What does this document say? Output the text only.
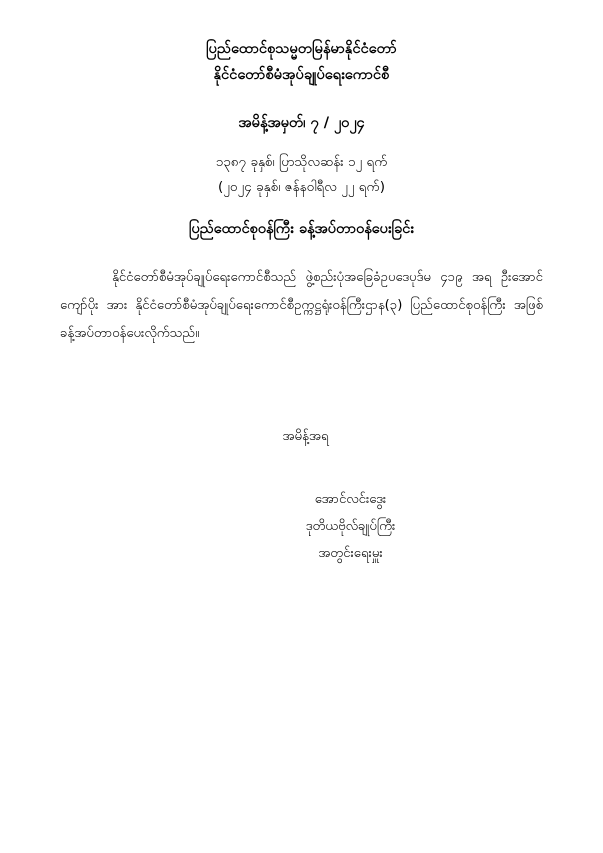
ပြည်ထောင်စုသမ္မတမြန်မာနိုင်ငံတော်
နိုင်ငံတော်စီမံအုပ်ချုပ်ရေးကောင်စီ
အမိန့်အမှတ်၊ ၇ / ၂၀၂၄
၁၃၈၇ ခုနှစ်၊ ပြာသိုလဆန်း ၁၂ ရက်
(၂၀၂၄ ခုနှစ်၊ ဇန်နဝါရီလ ၂၂ ရက်)
ပြည်ထောင်စုဝန်ကြီး ခန့်အပ်တာဝန်ပေးခြင်း

နိုင်ငံတော်စီမံအုပ်ချုပ်ရေးကောင်စီသည် ဖွဲ့စည်းပုံအခြေခံဥပဒေပုဒ်မ ၄၁၉ အရ ဦးအောင်ကျော်ပိုး အား နိုင်ငံတော်စီမံအုပ်ချုပ်ရေးကောင်စီဥက္ကဋ္ဌရုံးဝန်ကြီးဌာန(၃) ပြည်ထောင်စုဝန်ကြီး အဖြစ် ခန့်အပ်တာဝန်ပေးလိုက်သည်။

အမိန့်အရ
အောင်လင်းဒွေး
ဒုတိယဗိုလ်ချုပ်ကြီး
အတွင်းရေးမှူး
